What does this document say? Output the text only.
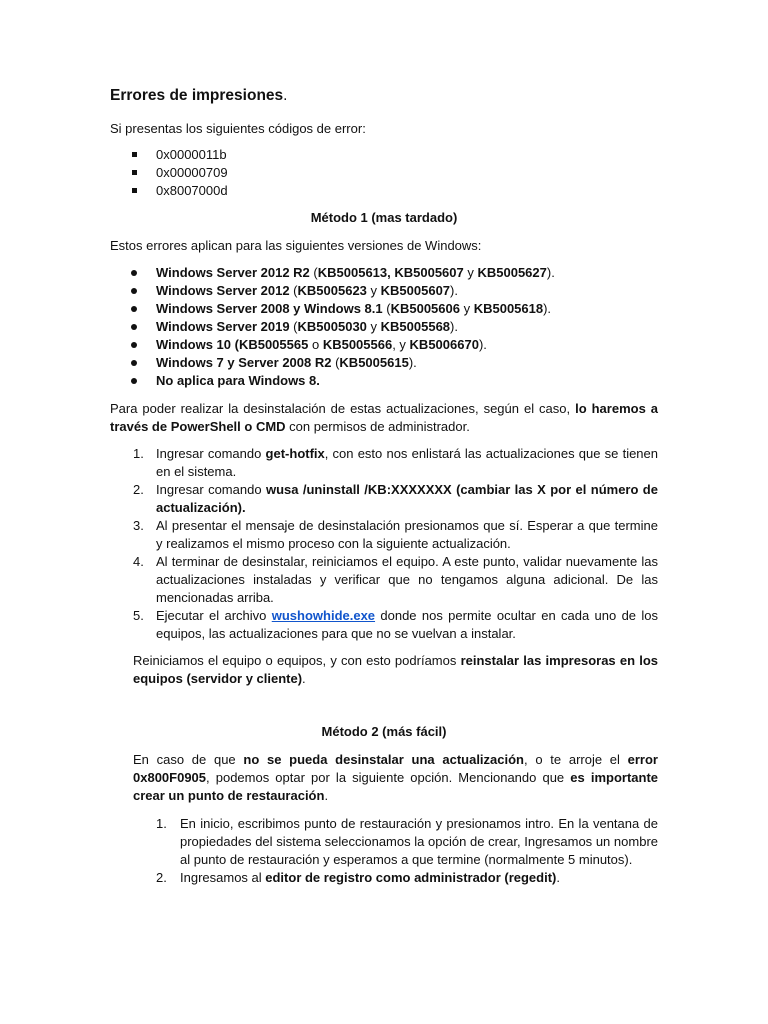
Errores de impresiones.

Si presentas los siguientes códigos de error:

0x0000011b
0x00000709
0x8007000d

Método 1 (mas tardado)

Estos errores aplican para las siguientes versiones de Windows:

Windows Server 2012 R2 (KB5005613, KB5005607 y KB5005627).
Windows Server 2012 (KB5005623 y KB5005607).
Windows Server 2008 y Windows 8.1 (KB5005606 y KB5005618).
Windows Server 2019 (KB5005030 y KB5005568).
Windows 10 (KB5005565 o KB5005566, y KB5006670).
Windows 7 y Server 2008 R2 (KB5005615).
No aplica para Windows 8.

Para poder realizar la desinstalación de estas actualizaciones, según el caso, lo haremos a través de PowerShell o CMD con permisos de administrador.

1. Ingresar comando get-hotfix, con esto nos enlistará las actualizaciones que se tienen en el sistema.
2. Ingresar comando wusa /uninstall /KB:XXXXXXX (cambiar las X por el número de actualización).
3. Al presentar el mensaje de desinstalación presionamos que sí. Esperar a que termine y realizamos el mismo proceso con la siguiente actualización.
4. Al terminar de desinstalar, reiniciamos el equipo. A este punto, validar nuevamente las actualizaciones instaladas y verificar que no tengamos alguna adicional. De las mencionadas arriba.
5. Ejecutar el archivo wushowhide.exe donde nos permite ocultar en cada uno de los equipos, las actualizaciones para que no se vuelvan a instalar.

Reiniciamos el equipo o equipos, y con esto podríamos reinstalar las impresoras en los equipos (servidor y cliente).

Método 2 (más fácil)

En caso de que no se pueda desinstalar una actualización, o te arroje el error 0x800F0905, podemos optar por la siguiente opción. Mencionando que es importante crear un punto de restauración.

1. En inicio, escribimos punto de restauración y presionamos intro. En la ventana de propiedades del sistema seleccionamos la opción de crear, Ingresamos un nombre al punto de restauración y esperamos a que termine (normalmente 5 minutos).
2. Ingresamos al editor de registro como administrador (regedit).
